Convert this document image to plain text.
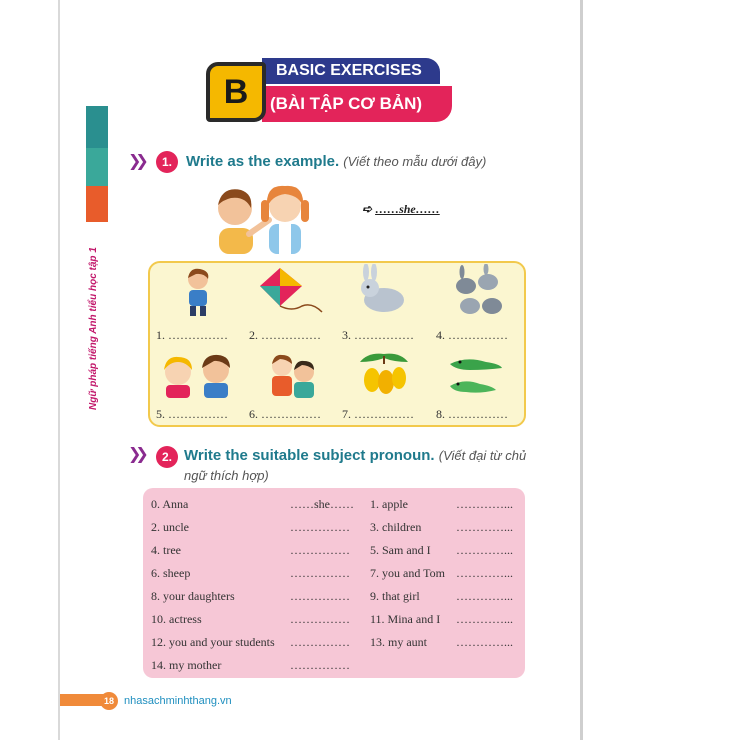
Ngữ pháp tiếng Anh tiểu học tập 1
BASIC EXERCISES
(BÀI TẬP CƠ BẢN)
B
❯❯	1. Write as the example. (Viết theo mẫu dưới đây)
➪ ……she……
1. …………… 2. …………… 3. …………… 4. ……………
5. …………… 6. …………… 7. …………… 8. ……………
❯❯	2. Write the suitable subject pronoun. (Viết đại từ chủ
ngữ thích hợp)
0. Anna	……she…… 1. apple	…………...
2. uncle	…………… 3. children	…………...
4. tree	…………… 5. Sam and I …………...
6. sheep	…………… 7. you and Tom …………...
8. your daughters	…………… 9. that girl	…………...
10. actress	…………… 11. Mina and I …………...
12. you and your students …………… 13. my aunt …………...
14. my mother	……………
18 nhasachminhthang.vn
